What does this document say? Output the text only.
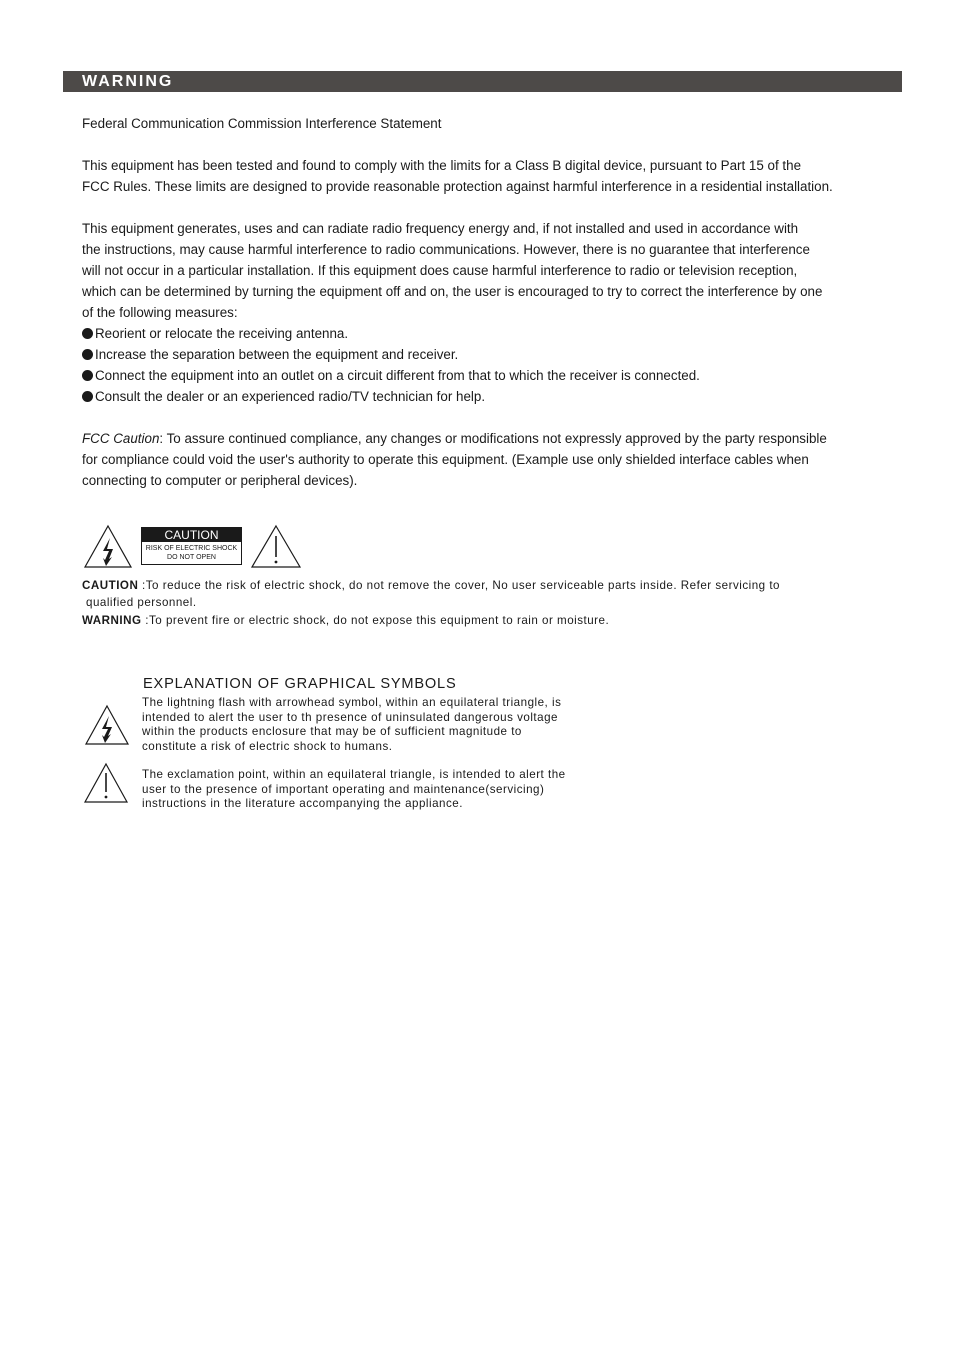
WARNING
Federal Communication Commission Interference Statement
This equipment has been tested and found to comply with the limits for a Class B digital device, pursuant to Part 15 of the
FCC Rules. These limits are designed to provide reasonable protection against harmful interference in a residential installation.
This equipment generates, uses and can radiate radio frequency energy and, if not installed and used in accordance with
the instructions, may cause harmful interference to radio communications. However, there is no guarantee that interference
will not occur in a particular installation. If this equipment does cause harmful interference to radio or television reception,
which can be determined by turning the equipment off and on, the user is encouraged to try to correct the interference by one
of the following measures:
Reorient or relocate the receiving antenna.
Increase the separation between the equipment and receiver.
Connect the equipment into an outlet on a circuit different from that to which the receiver is connected.
Consult the dealer or an experienced radio/TV technician for help.
FCC Caution: To assure continued compliance, any changes or modifications not expressly approved by the party responsible
for compliance could void the user's authority to operate this equipment. (Example use only shielded interface cables when
connecting to computer or peripheral devices).
CAUTION
RISK OF ELECTRIC SHOCK
DO NOT OPEN
CAUTION :To reduce the risk of electric shock, do not remove the cover, No user serviceable parts inside. Refer servicing to
qualified personnel.
WARNING :To prevent fire or electric shock, do not expose this equipment to rain or moisture.
EXPLANATION OF GRAPHICAL SYMBOLS
The lightning flash with arrowhead symbol, within an equilateral triangle, is
intended to alert the user to th presence of uninsulated dangerous voltage
within the products enclosure that may be of sufficient magnitude to
constitute a risk of electric shock to humans.
The exclamation point, within an equilateral triangle, is intended to alert the
user to the presence of important operating and maintenance(servicing)
instructions in the literature accompanying the appliance.
